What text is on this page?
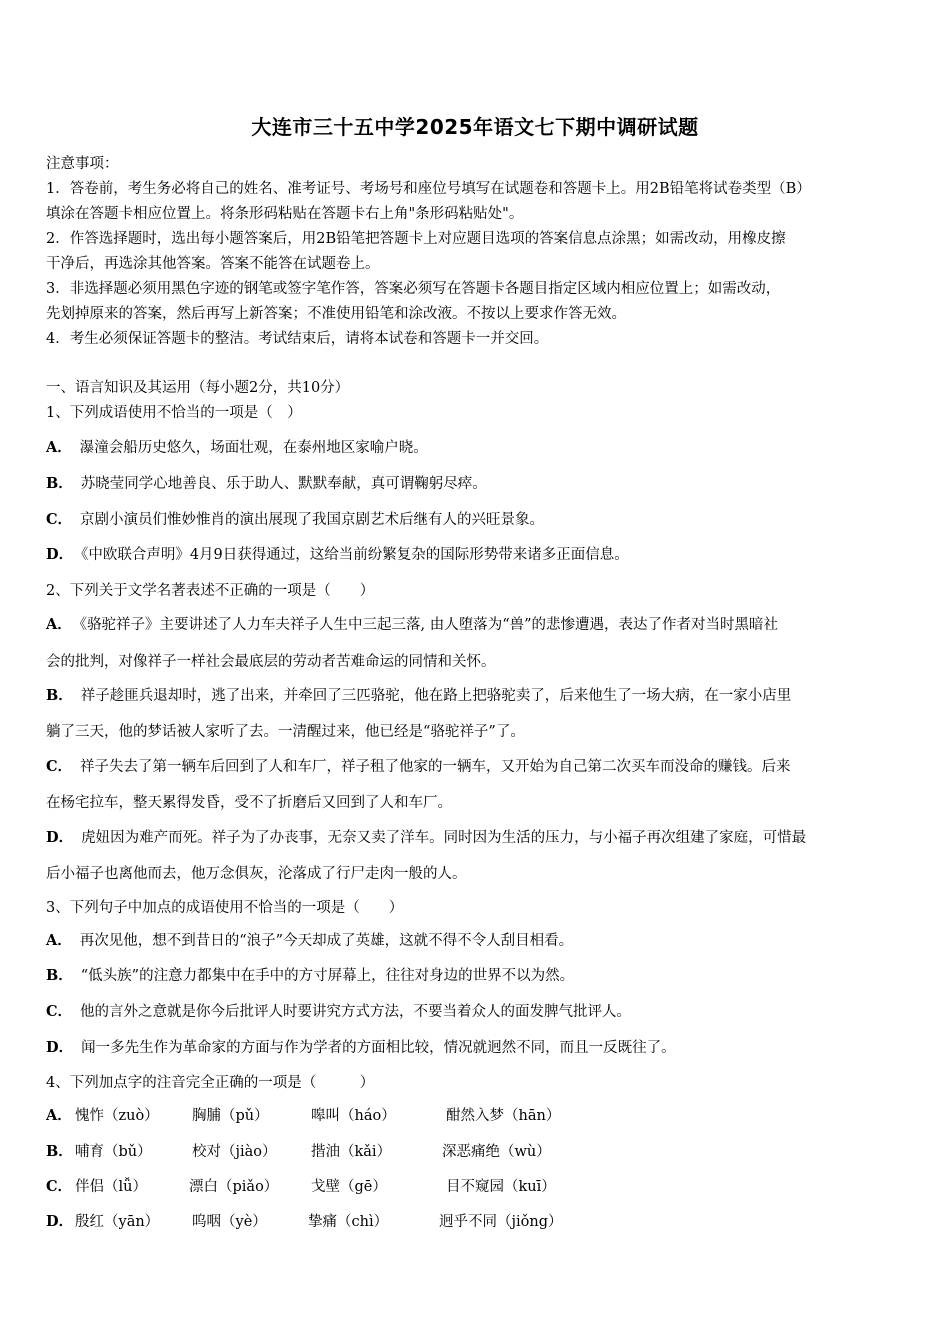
大连市三十五中学2025年语文七下期中调研试题
注意事项：
1．答卷前，考生务必将自己的姓名、准考证号、考场号和座位号填写在试题卷和答题卡上。用2B铅笔将试卷类型（B）
填涂在答题卡相应位置上。将条形码粘贴在答题卡右上角"条形码粘贴处"。
2．作答选择题时，选出每小题答案后，用2B铅笔把答题卡上对应题目选项的答案信息点涂黑；如需改动，用橡皮擦
干净后，再选涂其他答案。答案不能答在试题卷上。
3．非选择题必须用黑色字迹的钢笔或签字笔作答，答案必须写在答题卡各题目指定区域内相应位置上；如需改动，
先划掉原来的答案，然后再写上新答案；不准使用铅笔和涂改液。不按以上要求作答无效。
4．考生必须保证答题卡的整洁。考试结束后，请将本试卷和答题卡一并交回。
一、语言知识及其运用（每小题2分，共10分）
1、下列成语使用不恰当的一项是（　）
A． 瀑潼会船历史悠久，场面壮观，在泰州地区家喻户晓。
B． 苏晓莹同学心地善良、乐于助人、默默奉献，真可谓鞠躬尽瘁。
C． 京剧小演员们惟妙惟肖的演出展现了我国京剧艺术后继有人的兴旺景象。
D． 《中欧联合声明》4月9日获得通过，这给当前纷繁复杂的国际形势带来诸多正面信息。
2、下列关于文学名著表述不正确的一项是（　　）
A． 《骆驼祥子》主要讲述了人力车夫祥子人生中三起三落, 由人堕落为“兽”的悲惨遭遇，表达了作者对当时黑暗社
会的批判，对像祥子一样社会最底层的劳动者苦难命运的同情和关怀。
B． 祥子趁匪兵退却时，逃了出来，并牵回了三匹骆驼，他在路上把骆驼卖了，后来他生了一场大病，在一家小店里
躺了三天，他的梦话被人家听了去。一清醒过来，他已经是“骆驼祥子”了。
C． 祥子失去了第一辆车后回到了人和车厂，祥子租了他家的一辆车，又开始为自己第二次买车而没命的赚钱。后来
在杨宅拉车，整天累得发昏，受不了折磨后又回到了人和车厂。
D． 虎妞因为难产而死。祥子为了办丧事，无奈又卖了洋车。同时因为生活的压力，与小福子再次组建了家庭，可惜最
后小福子也离他而去，他万念俱灰，沦落成了行尸走肉一般的人。
3、下列句子中加点的成语使用不恰当的一项是（　　）
A． 再次见他，想不到昔日的“浪子”今天却成了英雄，这就不得不令人刮目相看。
B． “低头族”的注意力都集中在手中的方寸屏幕上，往往对身边的世界不以为然。
C． 他的言外之意就是你今后批评人时要讲究方式方法，不要当着众人的面发脾气批评人。
D． 闻一多先生作为革命家的方面与作为学者的方面相比较，情况就迥然不同，而且一反既往了。
4、下列加点字的注音完全正确的一项是（　　　）
A． 愧怍（zuò） 胸脯（pǔ）	嗥叫（háo）	酣然入梦（hān）
B． 哺育（bǔ）	校对（jiào） 揩油（kǎi）	深恶痛绝（wù）
C． 伴侣（lǚ）	漂白（piǎo） 戈壁（gē）	目不窥园（kuī）
D． 殷红（yān） 呜咽（yè）	挚痛（chì）	迥乎不同（jiǒng）
